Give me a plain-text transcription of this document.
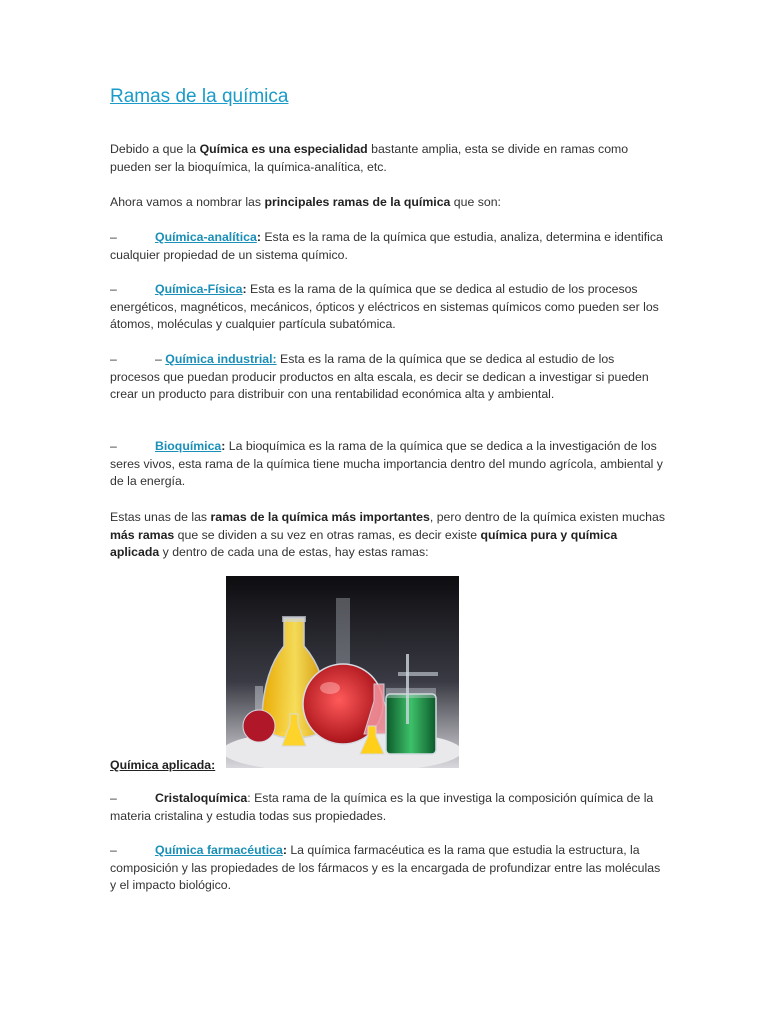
Ramas de la química

Debido a que la Química es una especialidad bastante amplia, esta se divide en ramas como pueden ser la bioquímica, la química-analítica, etc.

Ahora vamos a nombrar las principales ramas de la química que son:

–	Química-analítica: Esta es la rama de la química que estudia, analiza, determina e identifica cualquier propiedad de un sistema químico.

–	Química-Física: Esta es la rama de la química que se dedica al estudio de los procesos energéticos, magnéticos, mecánicos, ópticos y eléctricos en sistemas químicos como pueden ser los átomos, moléculas y cualquier partícula subatómica.

–	– Química industrial: Esta es la rama de la química que se dedica al estudio de los procesos que puedan producir productos en alta escala, es decir se dedican a investigar si pueden crear un producto para distribuir con una rentabilidad económica alta y ambiental.

–	Bioquímica: La bioquímica es la rama de la química que se dedica a la investigación de los seres vivos, esta rama de la química tiene mucha importancia dentro del mundo agrícola, ambiental y de la energía.

Estas unas de las ramas de la química más importantes, pero dentro de la química existen muchas más ramas que se dividen a su vez en otras ramas, es decir existe química pura y química aplicada y dentro de cada una de estas, hay estas ramas:

Química aplicada:

–	Cristaloquímica: Esta rama de la química es la que investiga la composición química de la materia cristalina y estudia todas sus propiedades.

–	Química farmacéutica: La química farmacéutica es la rama que estudia la estructura, la composición y las propiedades de los fármacos y es la encargada de profundizar entre las moléculas y el impacto biológico.
